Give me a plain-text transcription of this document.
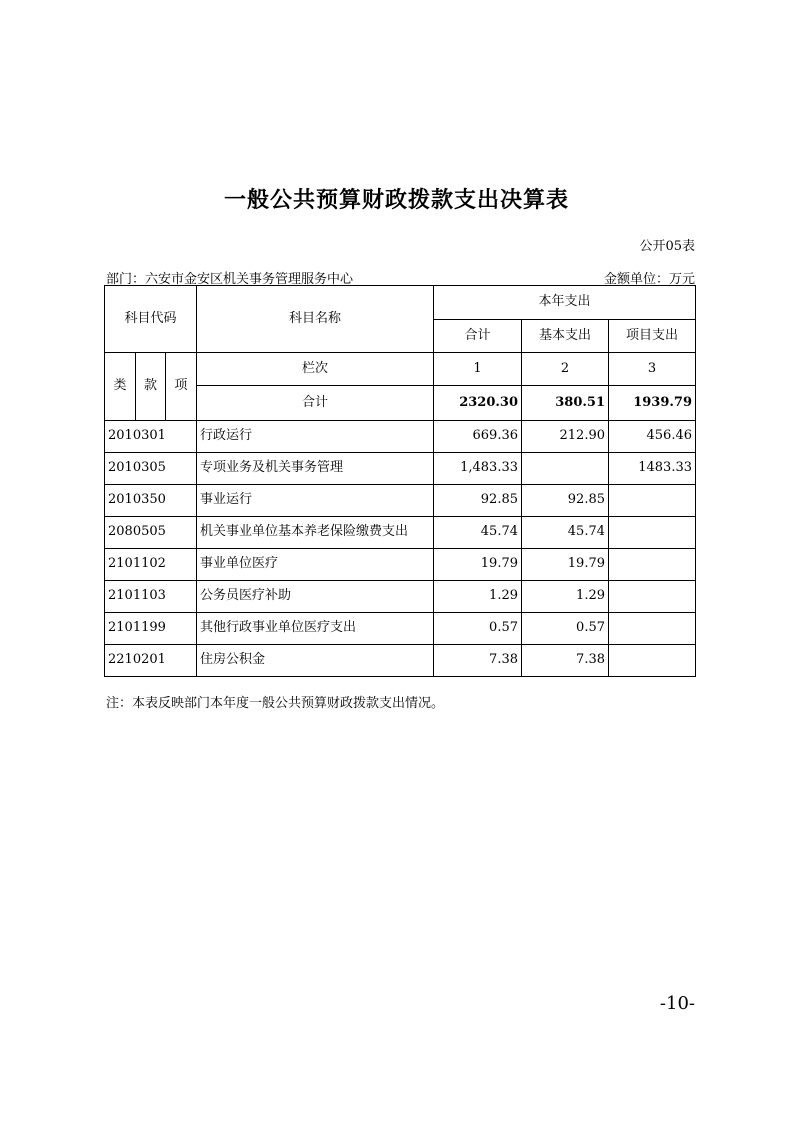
一般公共预算财政拨款支出决算表
公开05表
部门：六安市金安区机关事务管理服务中心	金额单位：万元
科目代码			科目名称	本年支出		
				合计	基本支出	项目支出
类	款	项	栏次	1	2	3
			合计	2320.30	380.51	1939.79
2010301			行政运行	669.36	212.90	456.46
2010305			专项业务及机关事务管理	1,483.33		1483.33
2010350			事业运行	92.85	92.85	
2080505			机关事业单位基本养老保险缴费支出	45.74	45.74	
2101102			事业单位医疗	19.79	19.79	
2101103			公务员医疗补助	1.29	1.29	
2101199			其他行政事业单位医疗支出	0.57	0.57	
2210201			住房公积金	7.38	7.38	
注：本表反映部门本年度一般公共预算财政拨款支出情况。
-10-
